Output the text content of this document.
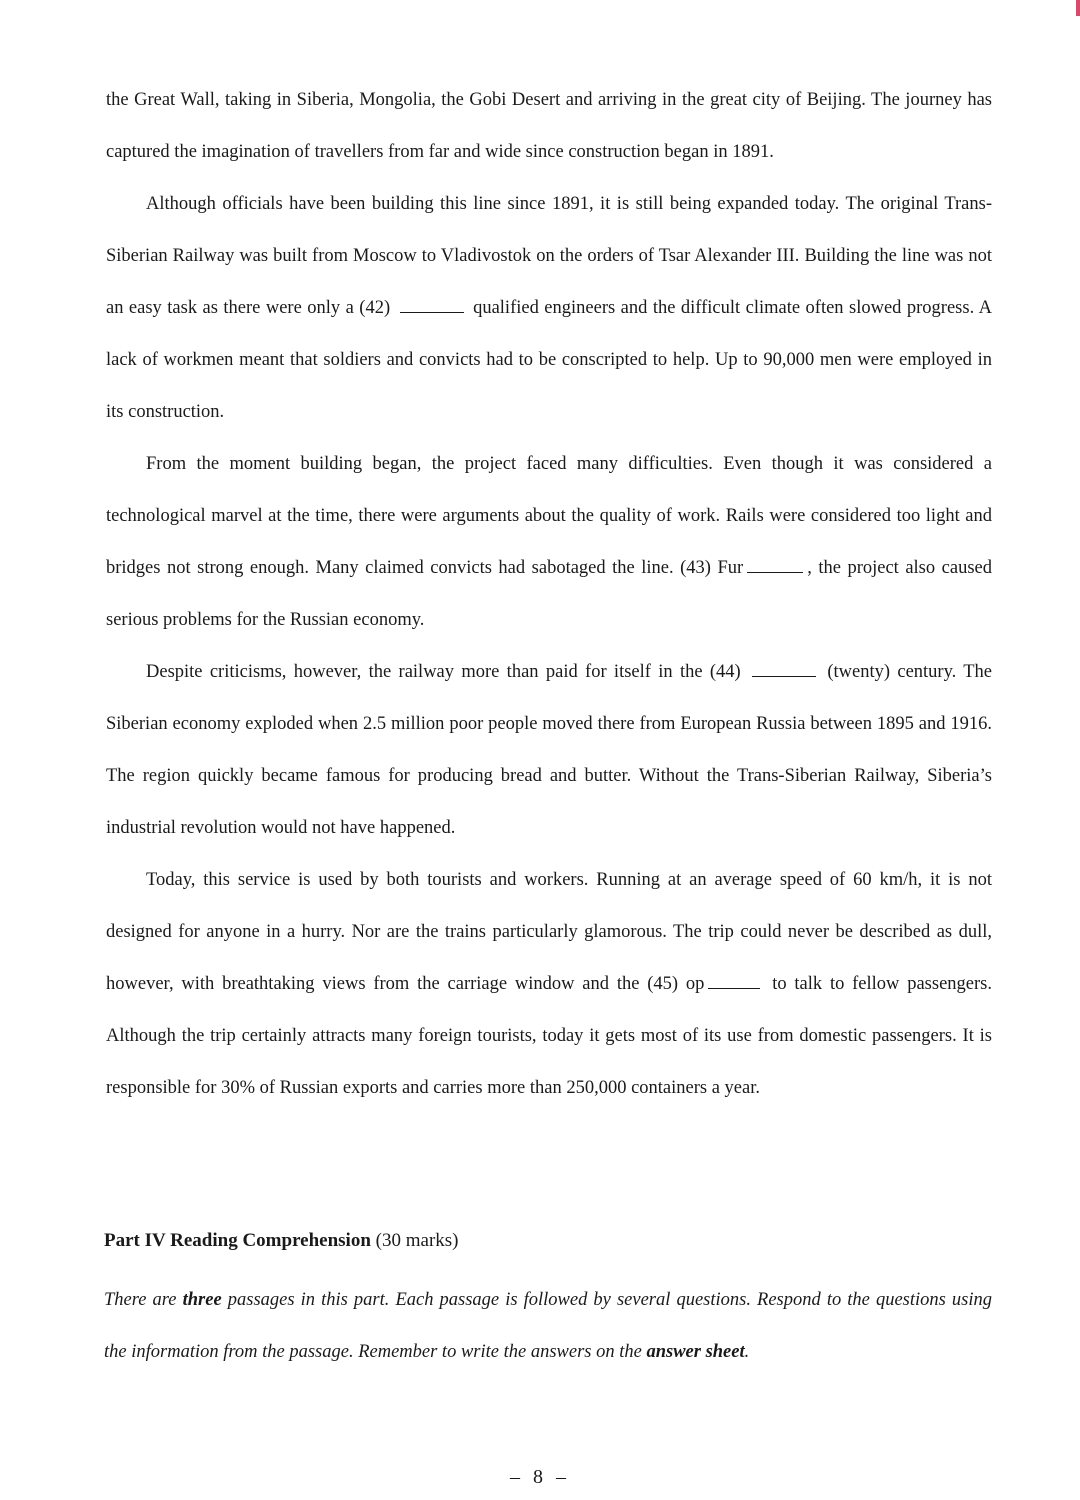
the Great Wall, taking in Siberia, Mongolia, the Gobi Desert and arriving in the great city of Beijing. The journey has captured the imagination of travellers from far and wide since construction began in 1891.

Although officials have been building this line since 1891, it is still being expanded today. The original Trans-Siberian Railway was built from Moscow to Vladivostok on the orders of Tsar Alexander III. Building the line was not an easy task as there were only a (42)	qualified engineers and the difficult climate often slowed progress. A lack of workmen meant that soldiers and convicts had to be conscripted to help. Up to 90,000 men were employed in its construction.

From the moment building began, the project faced many difficulties. Even though it was considered a technological marvel at the time, there were arguments about the quality of work. Rails were considered too light and bridges not strong enough. Many claimed convicts had sabotaged the line. (43) Fur	, the project also caused serious problems for the Russian economy.

Despite criticisms, however, the railway more than paid for itself in the (44)	(twenty) century. The Siberian economy exploded when 2.5 million poor people moved there from European Russia between 1895 and 1916. The region quickly became famous for producing bread and butter. Without the Trans-Siberian Railway, Siberia’s industrial revolution would not have happened.

Today, this service is used by both tourists and workers. Running at an average speed of 60 km/h, it is not designed for anyone in a hurry. Nor are the trains particularly glamorous. The trip could never be described as dull, however, with breathtaking views from the carriage window and the (45) op	to talk to fellow passengers. Although the trip certainly attracts many foreign tourists, today it gets most of its use from domestic passengers. It is responsible for 30% of Russian exports and carries more than 250,000 containers a year.

Part IV Reading Comprehension (30 marks)
There are three passages in this part. Each passage is followed by several questions. Respond to the questions using the information from the passage. Remember to write the answers on the answer sheet.
– 8 –
